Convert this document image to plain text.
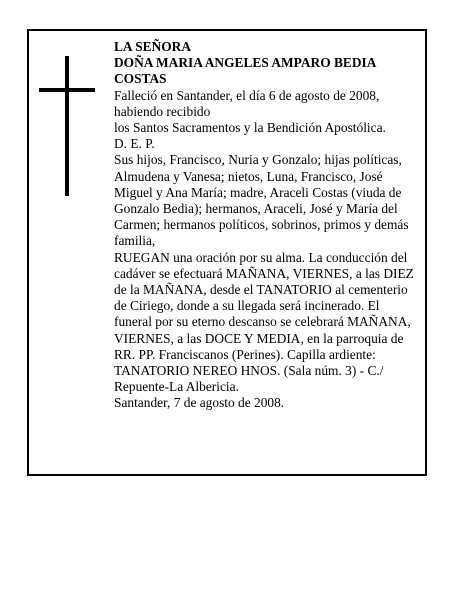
LA SEÑORA

DOÑA MARIA ANGELES AMPARO BEDIA COSTAS

Falleció en Santander, el día 6 de agosto de 2008, habiendo recibido

los Santos Sacramentos y la Bendición Apostólica.

D. E. P.

Sus hijos, Francisco, Nuria y Gonzalo; hijas políticas, Almudena y Vanesa; nietos, Luna, Francisco, José Miguel y Ana María; madre, Araceli Costas (viuda de Gonzalo Bedia); hermanos, Araceli, José y María del Carmen; hermanos políticos, sobrinos, primos y demás familia,

RUEGAN una oración por su alma. La conducción del cadáver se efectuará MAÑANA, VIERNES, a las DIEZ de la MAÑANA, desde el TANATORIO al cementerio de Ciriego, donde a su llegada será incinerado. El funeral por su eterno descanso se celebrará MAÑANA, VIERNES, a las DOCE Y MEDIA, en la parroquia de RR. PP. Franciscanos (Perines). Capilla ardiente: TANATORIO NEREO HNOS. (Sala núm. 3) - C./ Repuente-La Albericia.

Santander, 7 de agosto de 2008.
